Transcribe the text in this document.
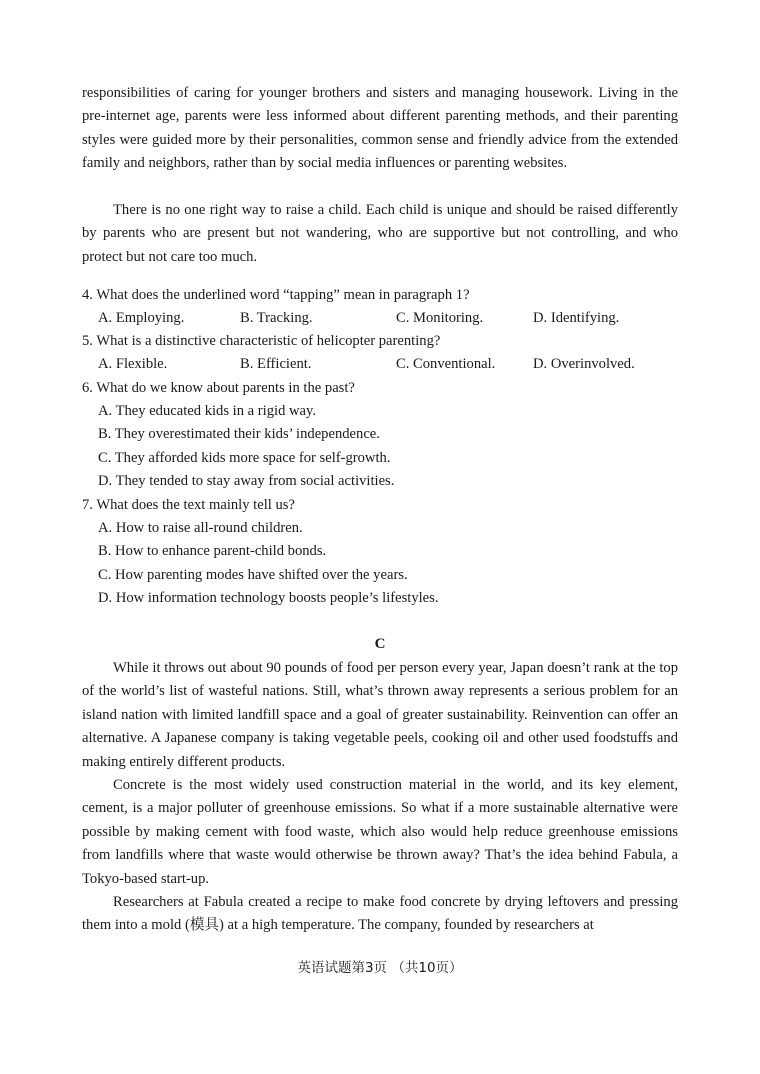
responsibilities of caring for younger brothers and sisters and managing housework. Living in the pre-internet age, parents were less informed about different parenting methods, and their parenting styles were guided more by their personalities, common sense and friendly advice from the extended family and neighbors, rather than by social media influences or parenting websites.

There is no one right way to raise a child. Each child is unique and should be raised differently by parents who are present but not wandering, who are supportive but not controlling, and who protect but not care too much.

4. What does the underlined word “tapping” mean in paragraph 1?

A. Employing.	B. Tracking.	C. Monitoring.	D. Identifying.

5. What is a distinctive characteristic of helicopter parenting?

A. Flexible.	B. Efficient.	C. Conventional.	D. Overinvolved.

6. What do we know about parents in the past?

A. They educated kids in a rigid way.
B. They overestimated their kids’ independence.
C. They afforded kids more space for self-growth.
D. They tended to stay away from social activities.

7. What does the text mainly tell us?

A. How to raise all-round children.
B. How to enhance parent-child bonds.
C. How parenting modes have shifted over the years.
D. How information technology boosts people’s lifestyles.
C

While it throws out about 90 pounds of food per person every year, Japan doesn’t rank at the top of the world’s list of wasteful nations. Still, what’s thrown away represents a serious problem for an island nation with limited landfill space and a goal of greater sustainability. Reinvention can offer an alternative. A Japanese company is taking vegetable peels, cooking oil and other used foodstuffs and making entirely different products.

Concrete is the most widely used construction material in the world, and its key element, cement, is a major polluter of greenhouse emissions. So what if a more sustainable alternative were possible by making cement with food waste, which also would help reduce greenhouse emissions from landfills where that waste would otherwise be thrown away? That’s the idea behind Fabula, a Tokyo-based start-up.

Researchers at Fabula created a recipe to make food concrete by drying leftovers and pressing them into a mold (模具) at a high temperature. The company, founded by researchers at

英语试题第3页 （共10页）
